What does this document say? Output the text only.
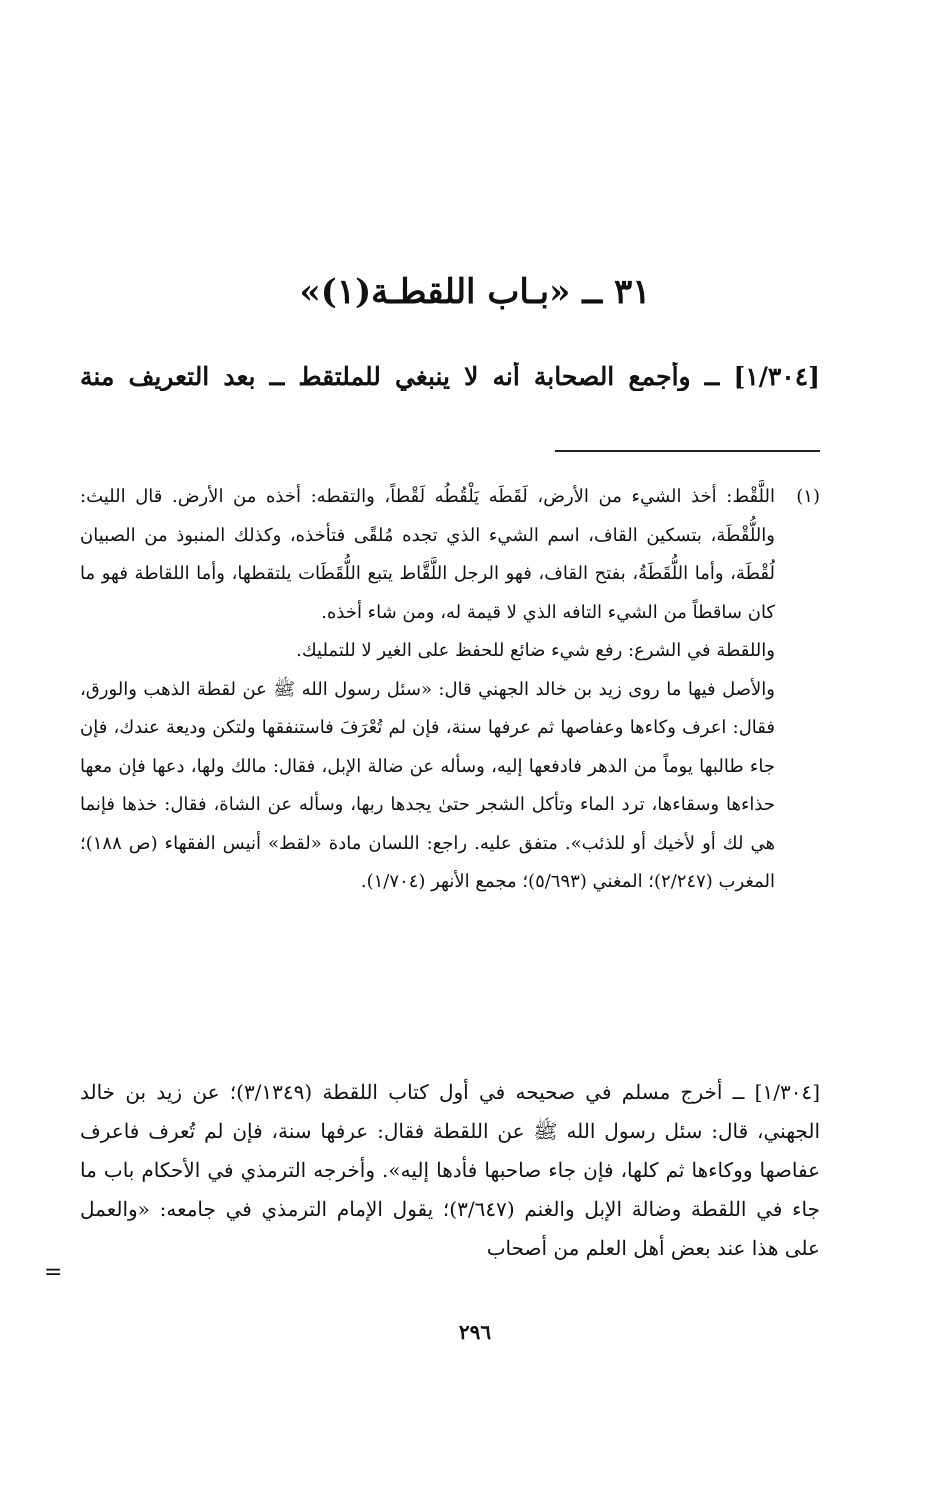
٣١ ــ «بـاب اللقطـة(١)»
[١/٣٠٤] ــ وأجمع الصحابة أنه لا ينبغي للملتقط ــ بعد التعريف منة
(١)

اللَّقْط: أخذ الشيء من الأرض، لَقَطَه يَلْقُطُه لَقْطاً، والتقطه: أخذه من الأرض. قال الليث: واللُّقْطَة، بتسكين القاف، اسم الشيء الذي تجده مُلقًى فتأخذه، وكذلك المنبوذ من الصبيان لُقْطَة، وأما اللُّقَطَةُ، بفتح القاف، فهو الرجل اللَّقَّاط يتبع اللُّقَطَات يلتقطها، وأما اللقاطة فهو ما كان ساقطاً من الشيء التافه الذي لا قيمة له، ومن شاء أخذه.

واللقطة في الشرع: رفع شيء ضائع للحفظ على الغير لا للتمليك.

والأصل فيها ما روى زيد بن خالد الجهني قال: «سئل رسول الله ﷺ عن لقطة الذهب والورق، فقال: اعرف وكاءها وعفاصها ثم عرفها سنة، فإن لم تُعْرَفَ فاستنفقها ولتكن وديعة عندك، فإن جاء طالبها يوماً من الدهر فادفعها إليه، وسأله عن ضالة الإبل، فقال: مالك ولها، دعها فإن معها حذاءها وسقاءها، ترد الماء وتأكل الشجر حتىٰ يجدها ربها، وسأله عن الشاة، فقال: خذها فإنما هي لك أو لأخيك أو للذئب». متفق عليه. راجع: اللسان مادة «لقط» أنيس الفقهاء (ص ١٨٨)؛ المغرب (٢/٢٤٧)؛ المغني (٥/٦٩٣)؛ مجمع الأنهر (١/٧٠٤).

[١/٣٠٤] ــ أخرج مسلم في صحيحه في أول كتاب اللقطة (٣/١٣٤٩)؛ عن زيد بن خالد الجهني، قال: سئل رسول الله ﷺ عن اللقطة فقال: عرفها سنة، فإن لم تُعرف فاعرف عفاصها ووكاءها ثم كلها، فإن جاء صاحبها فأدها إليه». وأخرجه الترمذي في الأحكام باب ما جاء في اللقطة وضالة الإبل والغنم (٣/٦٤٧)؛ يقول الإمام الترمذي في جامعه: «والعمل على هذا عند بعض أهل العلم من أصحاب

=
٢٩٦
